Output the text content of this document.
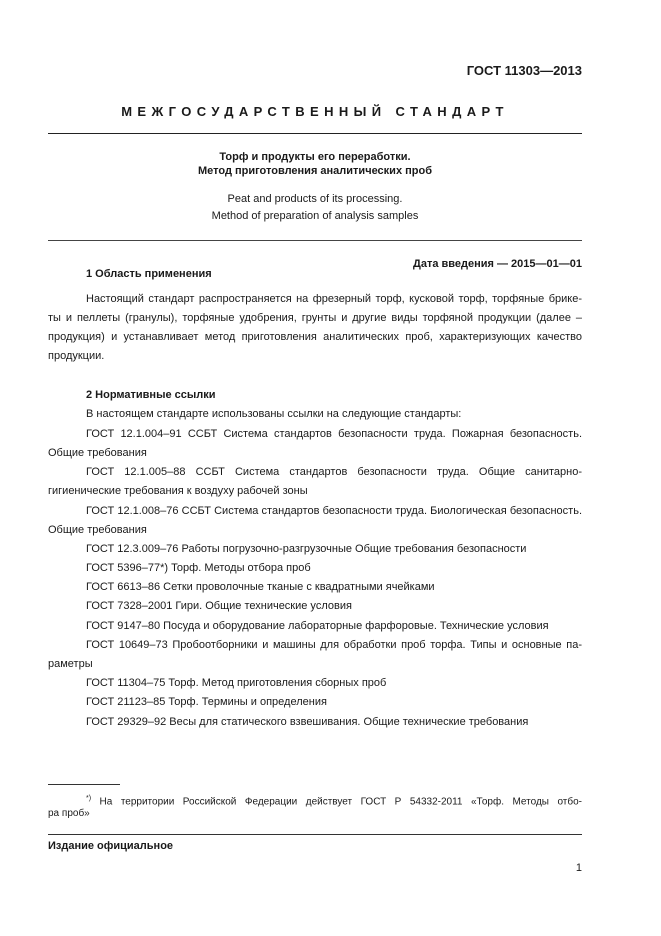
ГОСТ 11303—2013
МЕЖГОСУДАРСТВЕННЫЙ СТАНДАРТ
Торф и продукты его переработки.
Метод приготовления аналитических проб
Peat and products of its processing.
Method of preparation of analysis samples
Дата введения — 2015—01—01
1 Область применения
Настоящий стандарт распространяется на фрезерный торф, кусковой торф, торфяные брике-
ты и пеллеты (гранулы), торфяные удобрения, грунты и другие виды торфяной продукции (далее –
продукция) и устанавливает метод приготовления аналитических проб, характеризующих качество
продукции.
2 Нормативные ссылки
В настоящем стандарте использованы ссылки на следующие стандарты:
ГОСТ 12.1.004–91 ССБТ Система стандартов безопасности труда. Пожарная безопасность.
Общие требования
ГОСТ 12.1.005–88 ССБТ Система стандартов безопасности труда. Общие санитарно-
гигиенические требования к воздуху рабочей зоны
ГОСТ 12.1.008–76 ССБТ Система стандартов безопасности труда. Биологическая безопасность.
Общие требования
ГОСТ 12.3.009–76 Работы погрузочно-разгрузочные Общие требования безопасности
ГОСТ 5396–77*) Торф. Методы отбора проб
ГОСТ 6613–86 Сетки проволочные тканые с квадратными ячейками
ГОСТ 7328–2001 Гири. Общие технические условия
ГОСТ 9147–80 Посуда и оборудование лабораторные фарфоровые. Технические условия
ГОСТ 10649–73 Пробоотборники и машины для обработки проб торфа. Типы и основные па-
раметры
ГОСТ 11304–75 Торф. Метод приготовления сборных проб
ГОСТ 21123–85 Торф. Термины и определения
ГОСТ 29329–92 Весы для статического взвешивания. Общие технические требования
*) На территории Российской Федерации действует ГОСТ Р 54332-2011 «Торф. Методы отбо-
ра проб»
Издание официальное
1
